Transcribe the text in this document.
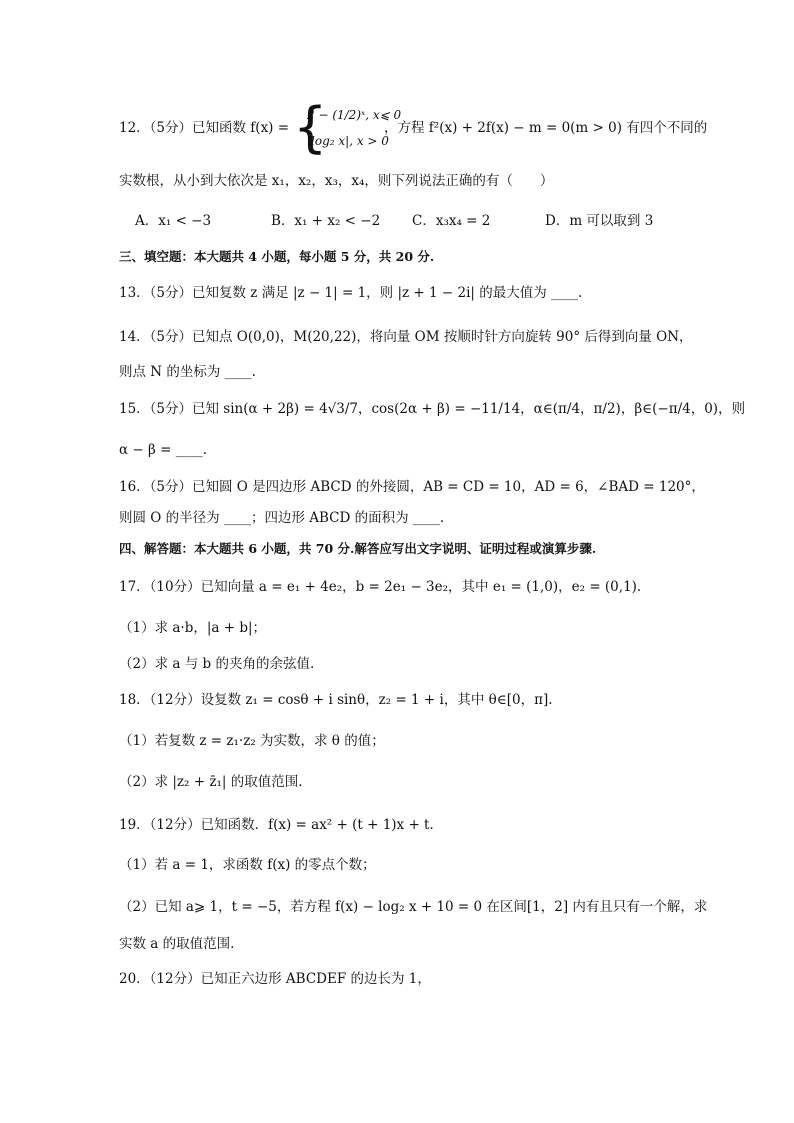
12．（5分）已知函数 f(x) = {
2 − (1/2)ˣ, x⩽ 0
|log₂ x|, x > 0
，方程 f²(x) + 2f(x) − m = 0(m > 0) 有四个不同的
实数根，从小到大依次是 x₁，x₂，x₃，x₄，则下列说法正确的有（　　）
A．x₁ < −3	B．x₁ + x₂ < −2 C．x₃x₄ = 2	D．m 可以取到 3
三、填空题：本大题共 4 小题，每小题 5 分，共 20 分.
13．（5分）已知复数 z 满足 |z − 1| = 1，则 |z + 1 − 2i| 的最大值为 ____.
14．（5分）已知点 O(0,0)，M(20,22)，将向量 OM 按顺时针方向旋转 90° 后得到向量 ON，
则点 N 的坐标为 ____.
15．（5分）已知 sin(α + 2β) = 4√3/7，cos(2α + β) = −11/14，α∈(π/4，π/2)，β∈(−π/4，0)，则
α − β = ____.
16．（5分）已知圆 O 是四边形 ABCD 的外接圆，AB = CD = 10，AD = 6，∠BAD = 120°，
则圆 O 的半径为 ____；四边形 ABCD 的面积为 ____.
四、解答题：本大题共 6 小题，共 70 分.解答应写出文字说明、证明过程或演算步骤.
17．（10分）已知向量 a = e₁ + 4e₂，b = 2e₁ − 3e₂，其中 e₁ = (1,0)，e₂ = (0,1).
（1）求 a·b，|a + b|；
（2）求 a 与 b 的夹角的余弦值.
18．（12分）设复数 z₁ = cosθ + i sinθ，z₂ = 1 + i，其中 θ∈[0，π].
（1）若复数 z = z₁·z₂ 为实数，求 θ 的值；
（2）求 |z₂ + z̄₁| 的取值范围.
19．（12分）已知函数．f(x) = ax² + (t + 1)x + t．
（1）若 a = 1，求函数 f(x) 的零点个数；
（2）已知 a⩾ 1，t = −5，若方程 f(x) − log₂ x + 10 = 0 在区间[1，2] 内有且只有一个解，求
实数 a 的取值范围.
20．（12分）已知正六边形 ABCDEF 的边长为 1，
